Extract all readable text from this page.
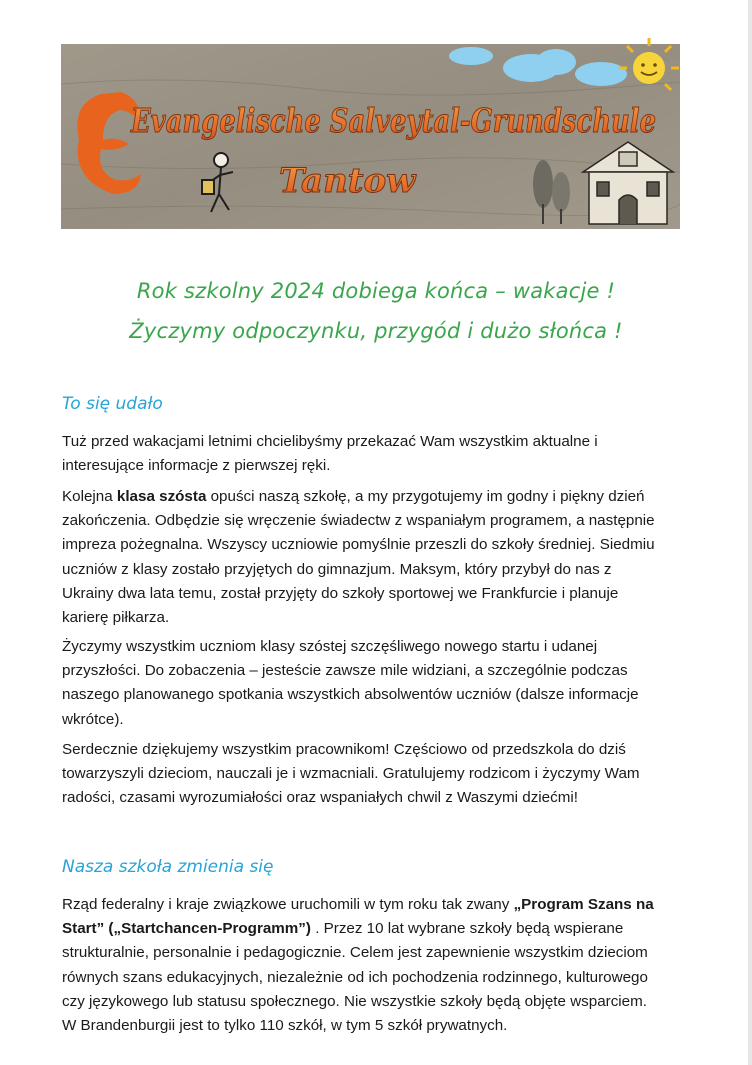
Evangelische Salveytal-Grundschule
Tantow
Rok szkolny 2024 dobiega końca – wakacje !
Życzymy odpoczynku, przygód i dużo słońca !
To się udało
Tuż przed wakacjami letnimi chcielibyśmy przekazać Wam wszystkim aktualne i
interesujące informacje z pierwszej ręki.
Kolejna klasa szósta opuści naszą szkołę, a my przygotujemy im godny i piękny dzień
zakończenia. Odbędzie się wręczenie świadectw z wspaniałym programem, a następnie
impreza pożegnalna. Wszyscy uczniowie pomyślnie przeszli do szkoły średniej. Siedmiu
uczniów z klasy zostało przyjętych do gimnazjum. Maksym, który przybył do nas z
Ukrainy dwa lata temu, został przyjęty do szkoły sportowej we Frankfurcie i planuje
karierę piłkarza.
Życzymy wszystkim uczniom klasy szóstej szczęśliwego nowego startu i udanej
przyszłości. Do zobaczenia – jesteście zawsze mile widziani, a szczególnie podczas
naszego planowanego spotkania wszystkich absolwentów uczniów (dalsze informacje
wkrótce).
Serdecznie dziękujemy wszystkim pracownikom! Częściowo od przedszkola do dziś
towarzyszyli dzieciom, nauczali je i wzmacniali. Gratulujemy rodzicom i życzymy Wam
radości, czasami wyrozumiałości oraz wspaniałych chwil z Waszymi dziećmi!
Nasza szkoła zmienia się
Rząd federalny i kraje związkowe uruchomili w tym roku tak zwany „Program Szans na
Start” („Startchancen-Programm”) . Przez 10 lat wybrane szkoły będą wspierane
strukturalnie, personalnie i pedagogicznie. Celem jest zapewnienie wszystkim dzieciom
równych szans edukacyjnych, niezależnie od ich pochodzenia rodzinnego, kulturowego
czy językowego lub statusu społecznego. Nie wszystkie szkoły będą objęte wsparciem.
W Brandenburgii jest to tylko 110 szkół, w tym 5 szkół prywatnych.
